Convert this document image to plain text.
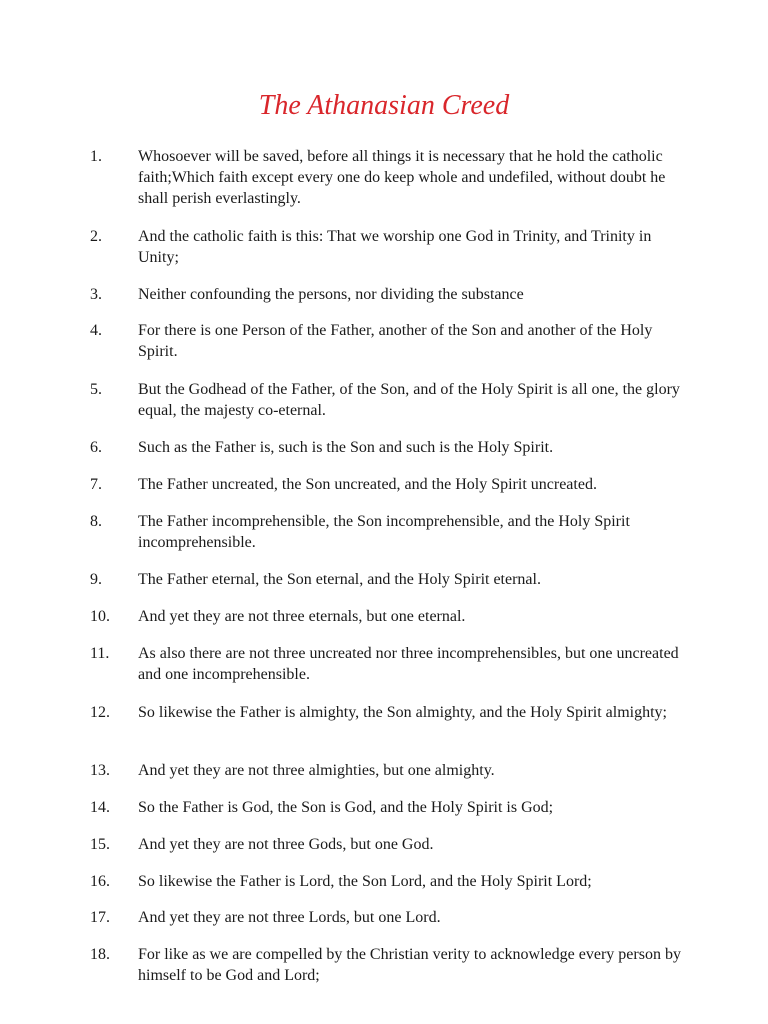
The Athanasian Creed
1.	Whosoever will be saved, before all things it is necessary that he hold the catholic faith;Which faith except every one do keep whole and undefiled, without doubt he shall perish everlastingly.
2.	And the catholic faith is this: That we worship one God in Trinity, and Trinity in Unity;
3.	Neither confounding the persons, nor dividing the substance
4.	For there is one Person of the Father, another of the Son and another of the Holy Spirit.
5.	But the Godhead of the Father, of the Son, and of the Holy Spirit is all one, the glory equal, the majesty co-eternal.
6.	Such as the Father is, such is the Son and such is the Holy Spirit.
7.	The Father uncreated, the Son uncreated, and the Holy Spirit uncreated.
8.	The Father incomprehensible, the Son incomprehensible, and the Holy Spirit incomprehensible.
9.	The Father eternal, the Son eternal, and the Holy Spirit eternal.
10.	And yet they are not three eternals, but one eternal.
11.	As also there are not three uncreated nor three incomprehensibles, but one uncreated and one incomprehensible.
12.	So likewise the Father is almighty, the Son almighty, and the Holy Spirit almighty;
13.	And yet they are not three almighties, but one almighty.
14.	So the Father is God, the Son is God, and the Holy Spirit is God;
15.	And yet they are not three Gods, but one God.
16.	So likewise the Father is Lord, the Son Lord, and the Holy Spirit Lord;
17.	And yet they are not three Lords, but one Lord.
18.	For like as we are compelled by the Christian verity to acknowledge every person by himself to be God and Lord;
